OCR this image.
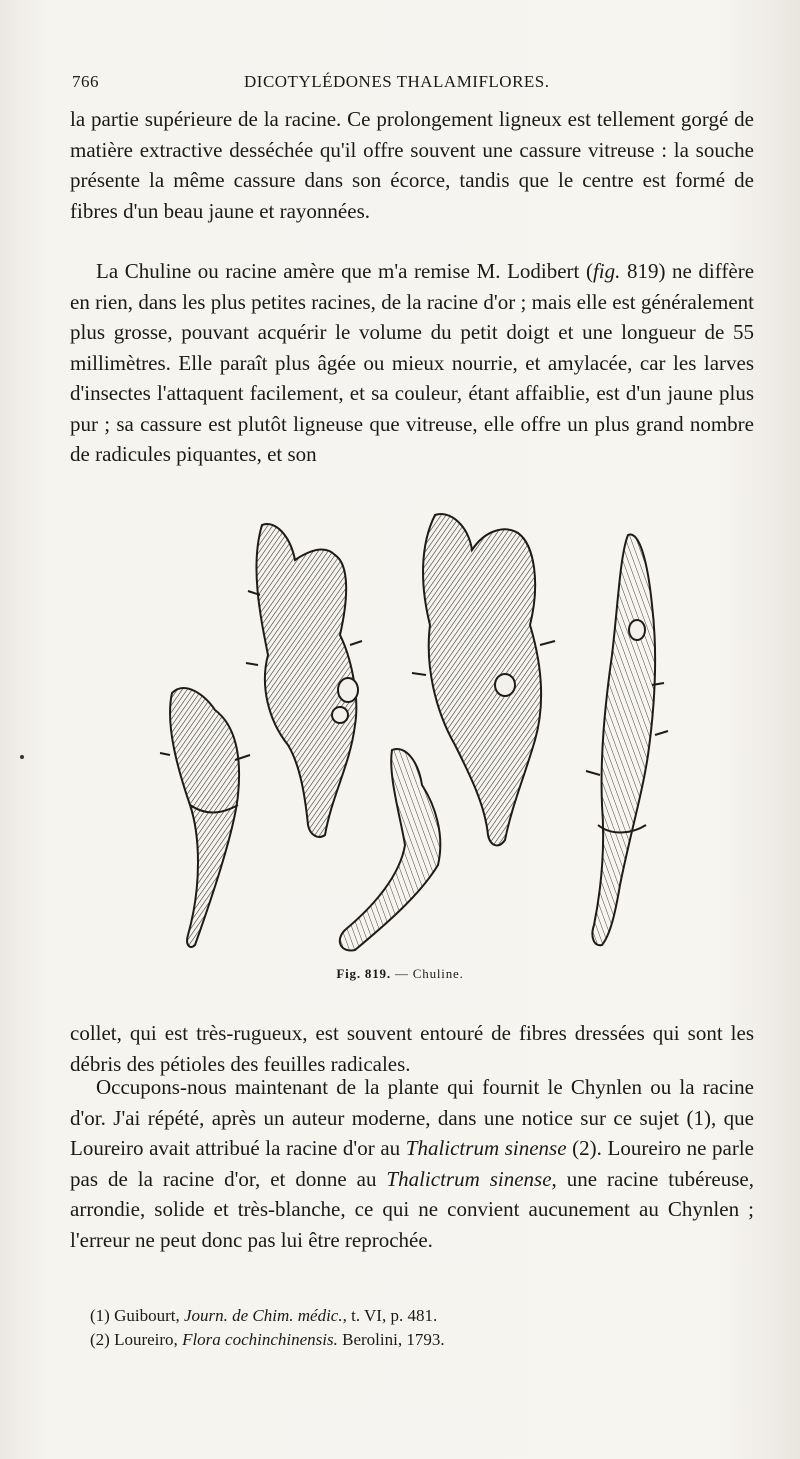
766	DICOTYLÉDONES THALAMIFLORES.

la partie supérieure de la racine. Ce prolongement ligneux est tellement gorgé de matière extractive desséchée qu'il offre souvent une cassure vitreuse : la souche présente la même cassure dans son écorce, tandis que le centre est formé de fibres d'un beau jaune et rayonnées.

La Chuline ou racine amère que m'a remise M. Lodibert (fig. 819) ne diffère en rien, dans les plus petites racines, de la racine d'or ; mais elle est généralement plus grosse, pouvant acquérir le volume du petit doigt et une longueur de 55 millimètres. Elle paraît plus âgée ou mieux nourrie, et amylacée, car les larves d'insectes l'attaquent facilement, et sa couleur, étant affaiblie, est d'un jaune plus pur ; sa cassure est plutôt ligneuse que vitreuse, elle offre un plus grand nombre de radicules piquantes, et son

Fig. 819. — Chuline.

collet, qui est très-rugueux, est souvent entouré de fibres dressées qui sont les débris des pétioles des feuilles radicales.

Occupons-nous maintenant de la plante qui fournit le Chynlen ou la racine d'or. J'ai répété, après un auteur moderne, dans une notice sur ce sujet (1), que Loureiro avait attribué la racine d'or au Thalictrum sinense (2). Loureiro ne parle pas de la racine d'or, et donne au Thalictrum sinense, une racine tubéreuse, arrondie, solide et très-blanche, ce qui ne convient aucunement au Chynlen ; l'erreur ne peut donc pas lui être reprochée.

(1) Guibourt, Journ. de Chim. médic., t. VI, p. 481.

(2) Loureiro, Flora cochinchinensis. Berolini, 1793.
